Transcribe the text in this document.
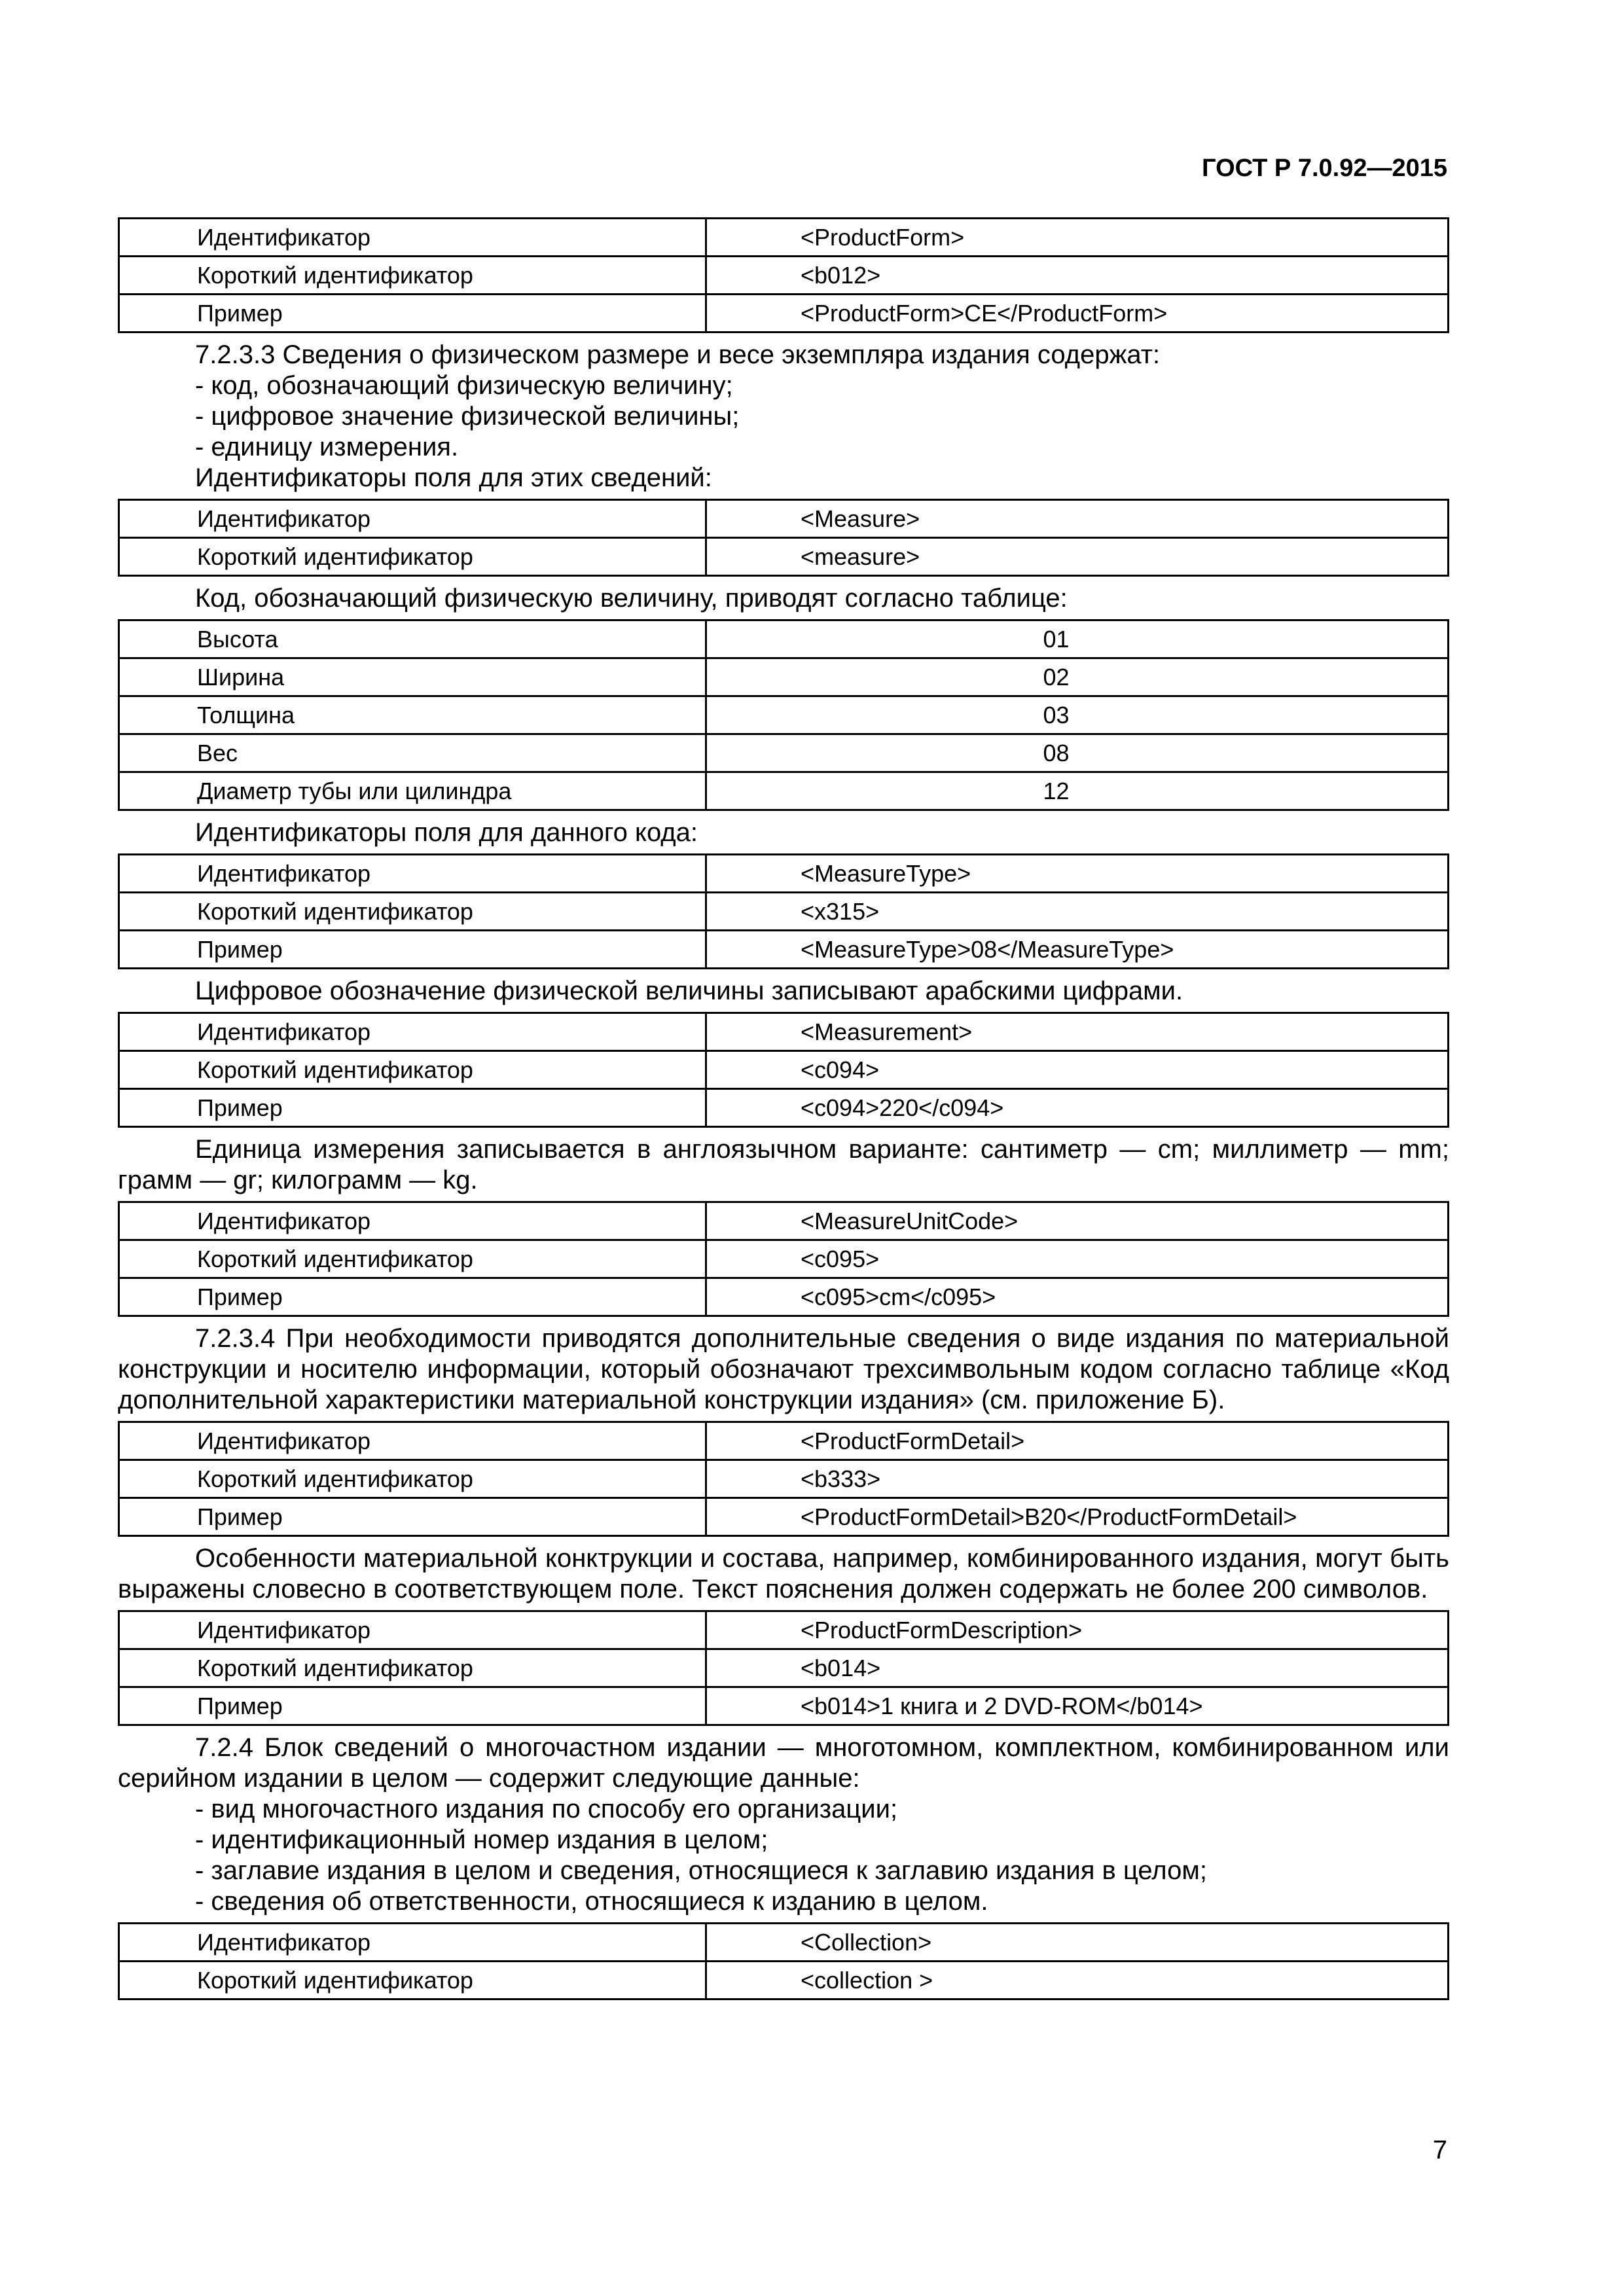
ГОСТ Р 7.0.92—2015
Идентификатор	<ProductForm>
Короткий идентификатор	<b012>
Пример	<ProductForm>CE</ProductForm>
7.2.3.3 Сведения о физическом размере и весе экземпляра издания содержат:
- код, обозначающий физическую величину;
- цифровое значение физической величины;
- единицу измерения.
Идентификаторы поля для этих сведений:
Идентификатор	<Measure>
Короткий идентификатор	<measure>
Код, обозначающий физическую величину, приводят согласно таблице:
Высота	01
Ширина	02
Толщина	03
Вес	08
Диаметр тубы или цилиндра	12
Идентификаторы поля для данного кода:
Идентификатор	<MeasureType>
Короткий идентификатор	<x315>
Пример	<MeasureType>08</MeasureType>
Цифровое обозначение физической величины записывают арабскими цифрами.
Идентификатор	<Measurement>
Короткий идентификатор	<c094>
Пример	<c094>220</c094>
Единица измерения записывается в англоязычном варианте: сантиметр — cm; миллиметр — mm; грамм — gr; килограмм — kg.
Идентификатор	<MeasureUnitCode>
Короткий идентификатор	<c095>
Пример	<c095>cm</c095>
7.2.3.4 При необходимости приводятся дополнительные сведения о виде издания по материальной конструкции и носителю информации, который обозначают трехсимвольным кодом согласно таблице «Код дополнительной характеристики материальной конструкции издания» (см. приложение Б).
Идентификатор	<ProductFormDetail>
Короткий идентификатор	<b333>
Пример	<ProductFormDetail>B20</ProductFormDetail>
Особенности материальной конктрукции и состава, например, комбинированного издания, могут быть выражены словесно в соответствующем поле. Текст пояснения должен содержать не более 200 символов.
Идентификатор	<ProductFormDescription>
Короткий идентификатор	<b014>
Пример	<b014>1 книга и 2 DVD-ROM</b014>
7.2.4 Блок сведений о многочастном издании — многотомном, комплектном, комбинированном или серийном издании в целом — содержит следующие данные:
- вид многочастного издания по способу его организации;
- идентификационный номер издания в целом;
- заглавие издания в целом и сведения, относящиеся к заглавию издания в целом;
- сведения об ответственности, относящиеся к изданию в целом.
Идентификатор	<Collection>
Короткий идентификатор	<collection >
7
